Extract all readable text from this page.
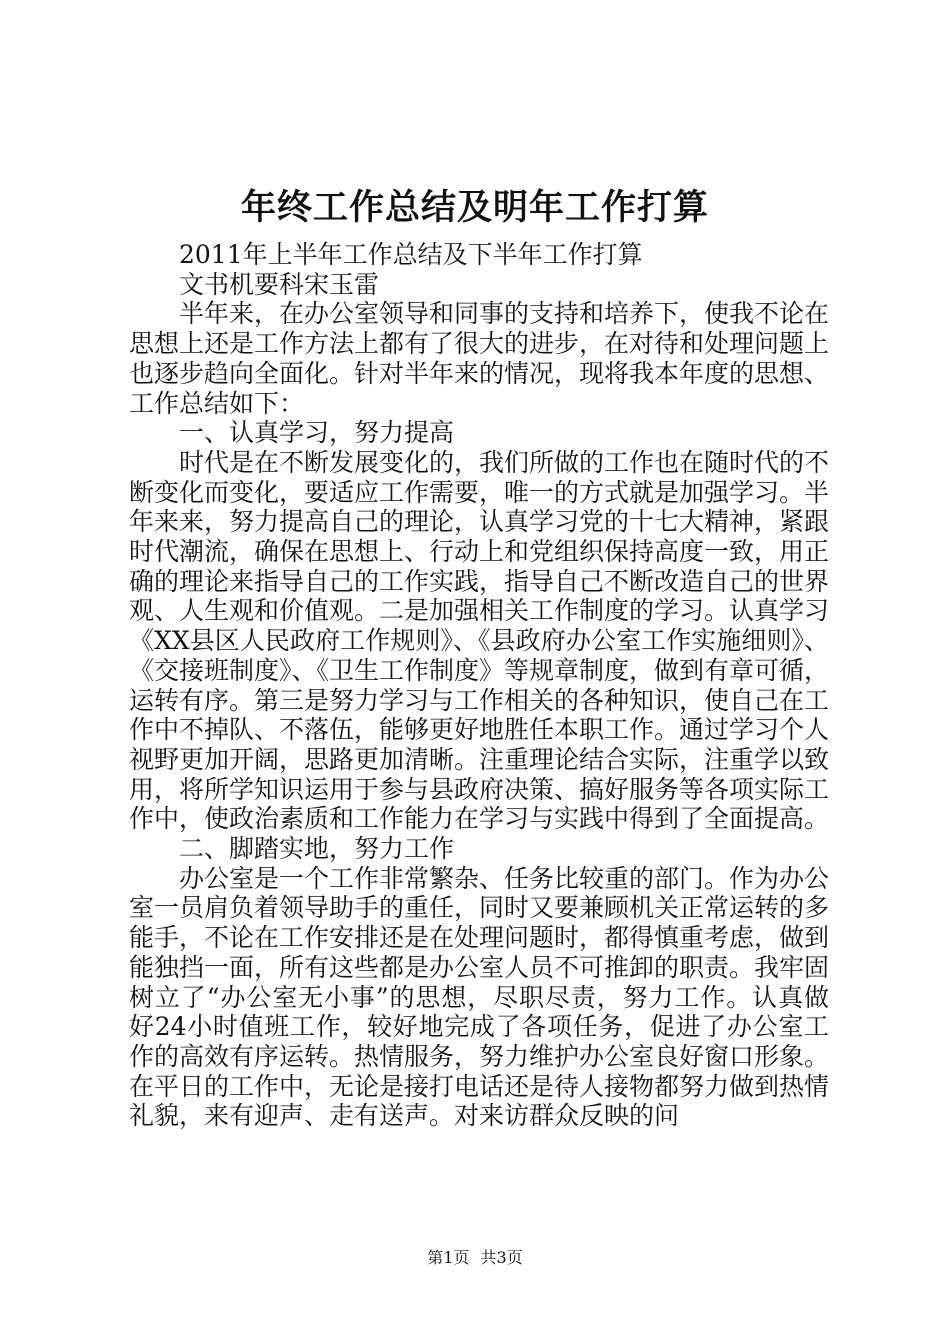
年终工作总结及明年工作打算

2011年上半年工作总结及下半年工作打算

文书机要科宋玉雷

半年来，在办公室领导和同事的支持和培养下，使我不论在思想上还是工作方法上都有了很大的进步，在对待和处理问题上也逐步趋向全面化。针对半年来的情况，现将我本年度的思想、工作总结如下：

一、认真学习，努力提高

时代是在不断发展变化的，我们所做的工作也在随时代的不断变化而变化，要适应工作需要，唯一的方式就是加强学习。半年来来，努力提高自己的理论，认真学习党的十七大精神，紧跟时代潮流，确保在思想上、行动上和党组织保持高度一致，用正确的理论来指导自己的工作实践，指导自己不断改造自己的世界观、人生观和价值观。二是加强相关工作制度的学习。认真学习《XX县区人民政府工作规则》、《县政府办公室工作实施细则》、《交接班制度》、《卫生工作制度》等规章制度，做到有章可循，运转有序。第三是努力学习与工作相关的各种知识，使自己在工作中不掉队、不落伍，能够更好地胜任本职工作。通过学习个人视野更加开阔，思路更加清晰。注重理论结合实际，注重学以致用，将所学知识运用于参与县政府决策、搞好服务等各项实际工作中，使政治素质和工作能力在学习与实践中得到了全面提高。

二、脚踏实地，努力工作

办公室是一个工作非常繁杂、任务比较重的部门。作为办公室一员肩负着领导助手的重任，同时又要兼顾机关正常运转的多能手，不论在工作安排还是在处理问题时，都得慎重考虑，做到能独挡一面，所有这些都是办公室人员不可推卸的职责。我牢固树立了“办公室无小事”的思想，尽职尽责，努力工作。认真做好24小时值班工作，较好地完成了各项任务，促进了办公室工作的高效有序运转。热情服务，努力维护办公室良好窗口形象。在平日的工作中，无论是接打电话还是待人接物都努力做到热情礼貌，来有迎声、走有送声。对来访群众反映的问

第1页 共3页
